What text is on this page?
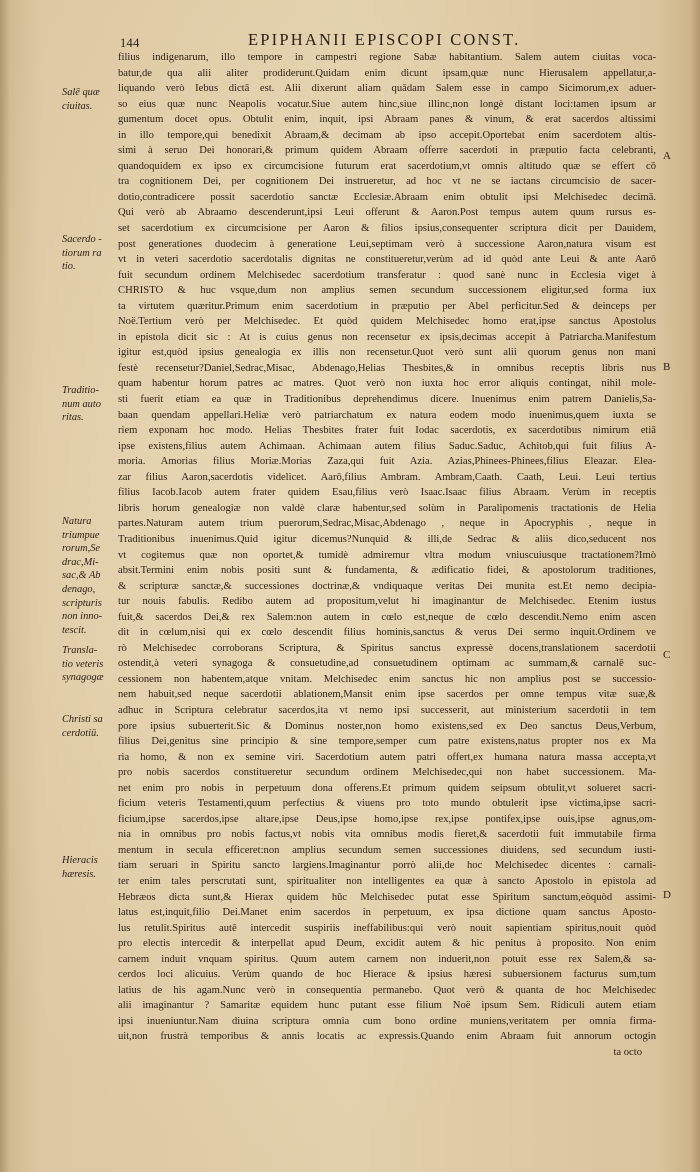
144	EPIPHANII EPISCOPI CONST.
filius indigenarum, illo tempore in campestri regione Sabæ habitantium. Salem autem ciuitas voca-
batur,de qua alii aliter prodiderunt.Quidam enim dicunt ipsam,quæ nunc Hierusalem appellatur,a-
liquando verò Iebus dictā est. Alii dixerunt aliam quādam Salem esse in campo Sicimorum,ex aduer-
so eius quæ nunc Neapolis vocatur.Siue autem hinc,siue illinc,non longè distant loci:tamen ipsum ar
gumentum docet opus. Obtulit enim, inquit, ipsi Abraam panes & vinum, & erat sacerdos altissimi
in illo tempore,qui benedixit Abraam,& decimam ab ipso accepit.Oportebat enim sacerdotem altis-
simi à seruo Dei honorari,& primum quidem Abraam offerre sacerdoti in præputio facta celebranti,
quandoquidem ex ipso ex circumcisione futurum erat sacerdotium,vt omnis altitudo quæ se effert cō
tra cognitionem Dei, per cognitionem Dei instrueretur, ad hoc vt ne se iactans circumcisio de sacer-
dotio,contradicere possit sacerdotio sanctæ Ecclesiæ.Abraam enim obtulit ipsi Melchisedec decimā.
Qui verò ab Abraamo descenderunt,ipsi Leui offerunt & Aaron.Post tempus autem quum rursus es-
set sacerdotium ex circumcisione per Aaron & filios ipsius,consequenter scriptura dicit per Dauidem,
post generationes duodecim à generatione Leui,septimam verò à successione Aaron,natura visum est
vt in veteri sacerdotio sacerdotalis dignitas ne constitueretur,verùm ad id quòd ante Leui & ante Aarō
fuit secundum ordinem Melchisedec sacerdotium transferatur : quod sanè nunc in Ecclesia viget à
CHRISTO & huc vsque,dum non amplius semen secundum successionem eligitur,sed forma iux
ta virtutem quæritur.Primum enim sacerdotium in præputio per Abel perficitur.Sed & deinceps per
Noë.Tertium verò per Melchisedec. Et quòd quidem Melchisedec homo erat,ipse sanctus Apostolus
in epistola dicit sic : At is cuius genus non recensetur ex ipsis,decimas accepit à Patriarcha.Manifestum
igitur est,quòd ipsius genealogia ex illis non recensetur.Quot verò sunt alii quorum genus non mani
festè recensetur?Daniel,Sedrac,Misac, Abdenago,Helias Thesbites,& in omnibus receptis libris nus
quam habentur horum patres ac matres. Quot verò non iuxta hoc error aliquis contingat, nihil mole-
sti fuerit etiam ea quæ in Traditionibus deprehendimus dicere. Inuenimus enim patrem Danielis,Sa-
baan quendam appellari.Heliæ verò patriarchatum ex natura eodem modo inuenimus,quem iuxta se
riem exponam hoc modo. Helias Thesbites frater fuit Iodac sacerdotis, ex sacerdotibus nimirum etiā
ipse existens,filius autem Achimaan. Achimaan autem filius Saduc.Saduc, Achitob,qui fuit filius A-
moria. Amorias filius Moriæ.Morias Zaza,qui fuit Azia. Azias,Phinees-Phinees,filius Eleazar. Elea-
zar filius Aaron,sacerdotis videlicet. Aarō,filius Ambram. Ambram,Caath. Caath, Leui. Leui tertius
filius Iacob.Iacob autem frater quidem Esau,filius verò Isaac.Isaac filius Abraam. Verùm in receptis
libris horum genealogiæ non valdè claræ habentur,sed solùm in Paralipomenis tractationis de Helia
partes.Naturam autem trium puerorum,Sedrac,Misac,Abdenago , neque in Apocryphis , neque in
Traditionibus inuenimus.Quid igitur dicemus?Nunquid & illi,de Sedrac & aliis dico,seducent nos
vt cogitemus quæ non oportet,& tumidè admiremur vltra modum vniuscuiusque tractationem?Imò
absit.Termini enim nobis positi sunt & fundamenta, & ædificatio fidei, & apostolorum traditiones,
& scripturæ sanctæ,& successiones doctrinæ,& vndiquaque veritas Dei munita est.Et nemo decipia-
tur nouis fabulis. Redibo autem ad propositum,velut hi imaginantur de Melchisedec. Etenim iustus
fuit,& sacerdos Dei,& rex Salem:non autem in cœlo est,neque de cœlo descendit.Nemo enim ascen
dit in cœlum,nisi qui ex cœlo descendit filius hominis,sanctus & verus Dei sermo inquit.Ordinem ve
rò Melchisedec corroborans Scriptura, & Spiritus sanctus expressè docens,translationem sacerdotii
ostendit,à veteri synagoga & consuetudine,ad consuetudinem optimam ac summam,& carnalē suc-
cessionem non habentem,atque vnitam. Melchisedec enim sanctus hic non amplius post se successio-
nem habuit,sed neque sacerdotii ablationem,Mansit enim ipse sacerdos per omne tempus vitæ suæ,&
adhuc in Scriptura celebratur sacerdos,ita vt nemo ipsi successerit, aut ministerium sacerdotii in tem
pore ipsius subuerterit.Sic & Dominus noster,non homo existens,sed ex Deo sanctus Deus,Verbum,
filius Dei,genitus sine principio & sine tempore,semper cum patre existens,natus propter nos ex Ma
ria homo, & non ex semine viri. Sacerdotium autem patri offert,ex humana natura massa accepta,vt
pro nobis sacerdos constitueretur secundum ordinem Melchisedec,qui non habet successionem. Ma-
net enim pro nobis in perpetuum dona offerens.Et primum quidem seipsum obtulit,vt solueret sacri-
ficium veteris Testamenti,quum perfectius & viuens pro toto mundo obtulerit ipse victima,ipse sacri-
ficium,ipse sacerdos,ipse altare,ipse Deus,ipse homo,ipse rex,ipse pontifex,ipse ouis,ipse agnus,om-
nia in omnibus pro nobis factus,vt nobis vita omnibus modis fieret,& sacerdotii fuit immutabile firma
mentum in secula efficeret:non amplius secundum semen successiones diuidens, sed secundum iusti-
tiam seruari in Spiritu sancto largiens.Imaginantur porrò alii,de hoc Melchisedec dicentes : carnali-
ter enim tales perscrutati sunt, spiritualiter non intelligentes ea quæ à sancto Apostolo in epistola ad
Hebræos dicta sunt,& Hierax quidem hūc Melchisedec putat esse Spiritum sanctum,eòquòd assimi-
latus est,inquit,filio Dei.Manet enim sacerdos in perpetuum, ex ipsa dictione quam sanctus Aposto-
lus retulit.Spiritus autē intercedit suspiriis ineffabilibus:qui verò nouit sapientiam spiritus,nouit quòd
pro electis intercedit & interpellat apud Deum, excidit autem & hic penitus à proposito. Non enim
carnem induit vnquam spiritus. Quum autem carnem non induerit,non potuit esse rex Salem,& sa-
cerdos loci alicuius. Verùm quando de hoc Hierace & ipsius hæresi subuersionem facturus sum,tum
latius de his agam.Nunc verò in consequentia permanebo. Quot verò & quanta de hoc Melchisedec
alii imaginantur ? Samaritæ equidem hunc putant esse filium Noë ipsum Sem. Ridiculi autem etiam
ipsi inueniuntur.Nam diuina scriptura omnia cum bono ordine muniens,veritatem per omnia firma-
uit,non frustrà temporibus & annis locatis ac expressis.Quando enim Abraam fuit annorum octogin
ta octo
Salē quæ
ciuitas.
Sacerdo -
tiorum ra
tio.
Traditio-
num auto
ritas.
Natura
triumpue
rorum,Se
drac,Mi-
sac,& Ab
denago,
scripturis
non inno-
tescit.
Transla-
tio veteris
synagogæ
Christi sa
cerdotiū.
Hieracis
hæresis.
A
B
C
D
